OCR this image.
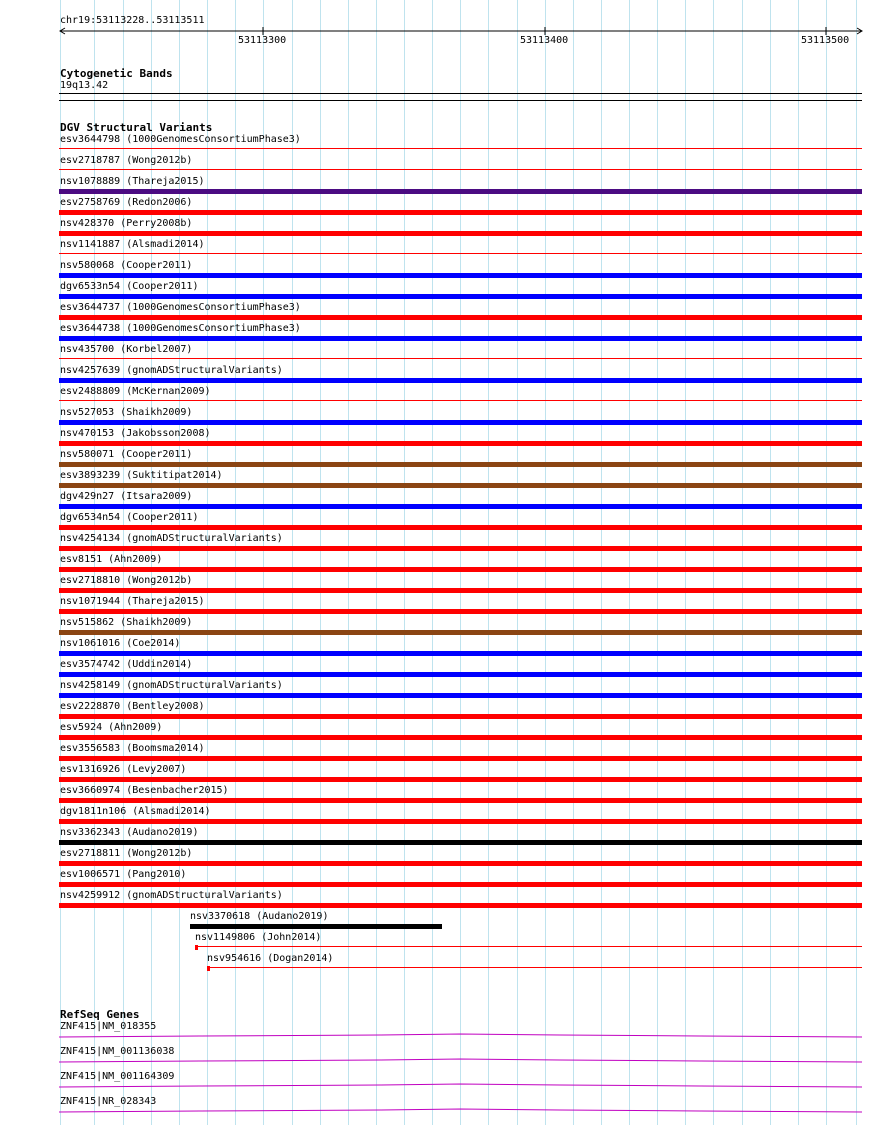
chr19:53113228..53113511
53113300	53113400	53113500
Cytogenetic Bands
19q13.42
DGV Structural Variants
esv3644798 (1000GenomesConsortiumPhase3)
esv2718787 (Wong2012b)
nsv1078889 (Thareja2015)
esv2758769 (Redon2006)
nsv428370 (Perry2008b)
nsv1141887 (Alsmadi2014)
nsv580068 (Cooper2011)
dgv6533n54 (Cooper2011)
esv3644737 (1000GenomesConsortiumPhase3)
esv3644738 (1000GenomesConsortiumPhase3)
nsv435700 (Korbel2007)
nsv4257639 (gnomADStructuralVariants)
esv2488809 (McKernan2009)
nsv527053 (Shaikh2009)
nsv470153 (Jakobsson2008)
nsv580071 (Cooper2011)
esv3893239 (Suktitipat2014)
dgv429n27 (Itsara2009)
dgv6534n54 (Cooper2011)
nsv4254134 (gnomADStructuralVariants)
esv8151 (Ahn2009)
esv2718810 (Wong2012b)
nsv1071944 (Thareja2015)
nsv515862 (Shaikh2009)
nsv1061016 (Coe2014)
esv3574742 (Uddin2014)
nsv4258149 (gnomADStructuralVariants)
esv2228870 (Bentley2008)
esv5924 (Ahn2009)
esv3556583 (Boomsma2014)
esv1316926 (Levy2007)
esv3660974 (Besenbacher2015)
dgv1811n106 (Alsmadi2014)
nsv3362343 (Audano2019)
esv2718811 (Wong2012b)
esv1006571 (Pang2010)
nsv4259912 (gnomADStructuralVariants)
nsv3370618 (Audano2019)
nsv1149806 (John2014)
nsv954616 (Dogan2014)
RefSeq Genes
ZNF415|NM_018355
ZNF415|NM_001136038
ZNF415|NM_001164309
ZNF415|NR_028343
